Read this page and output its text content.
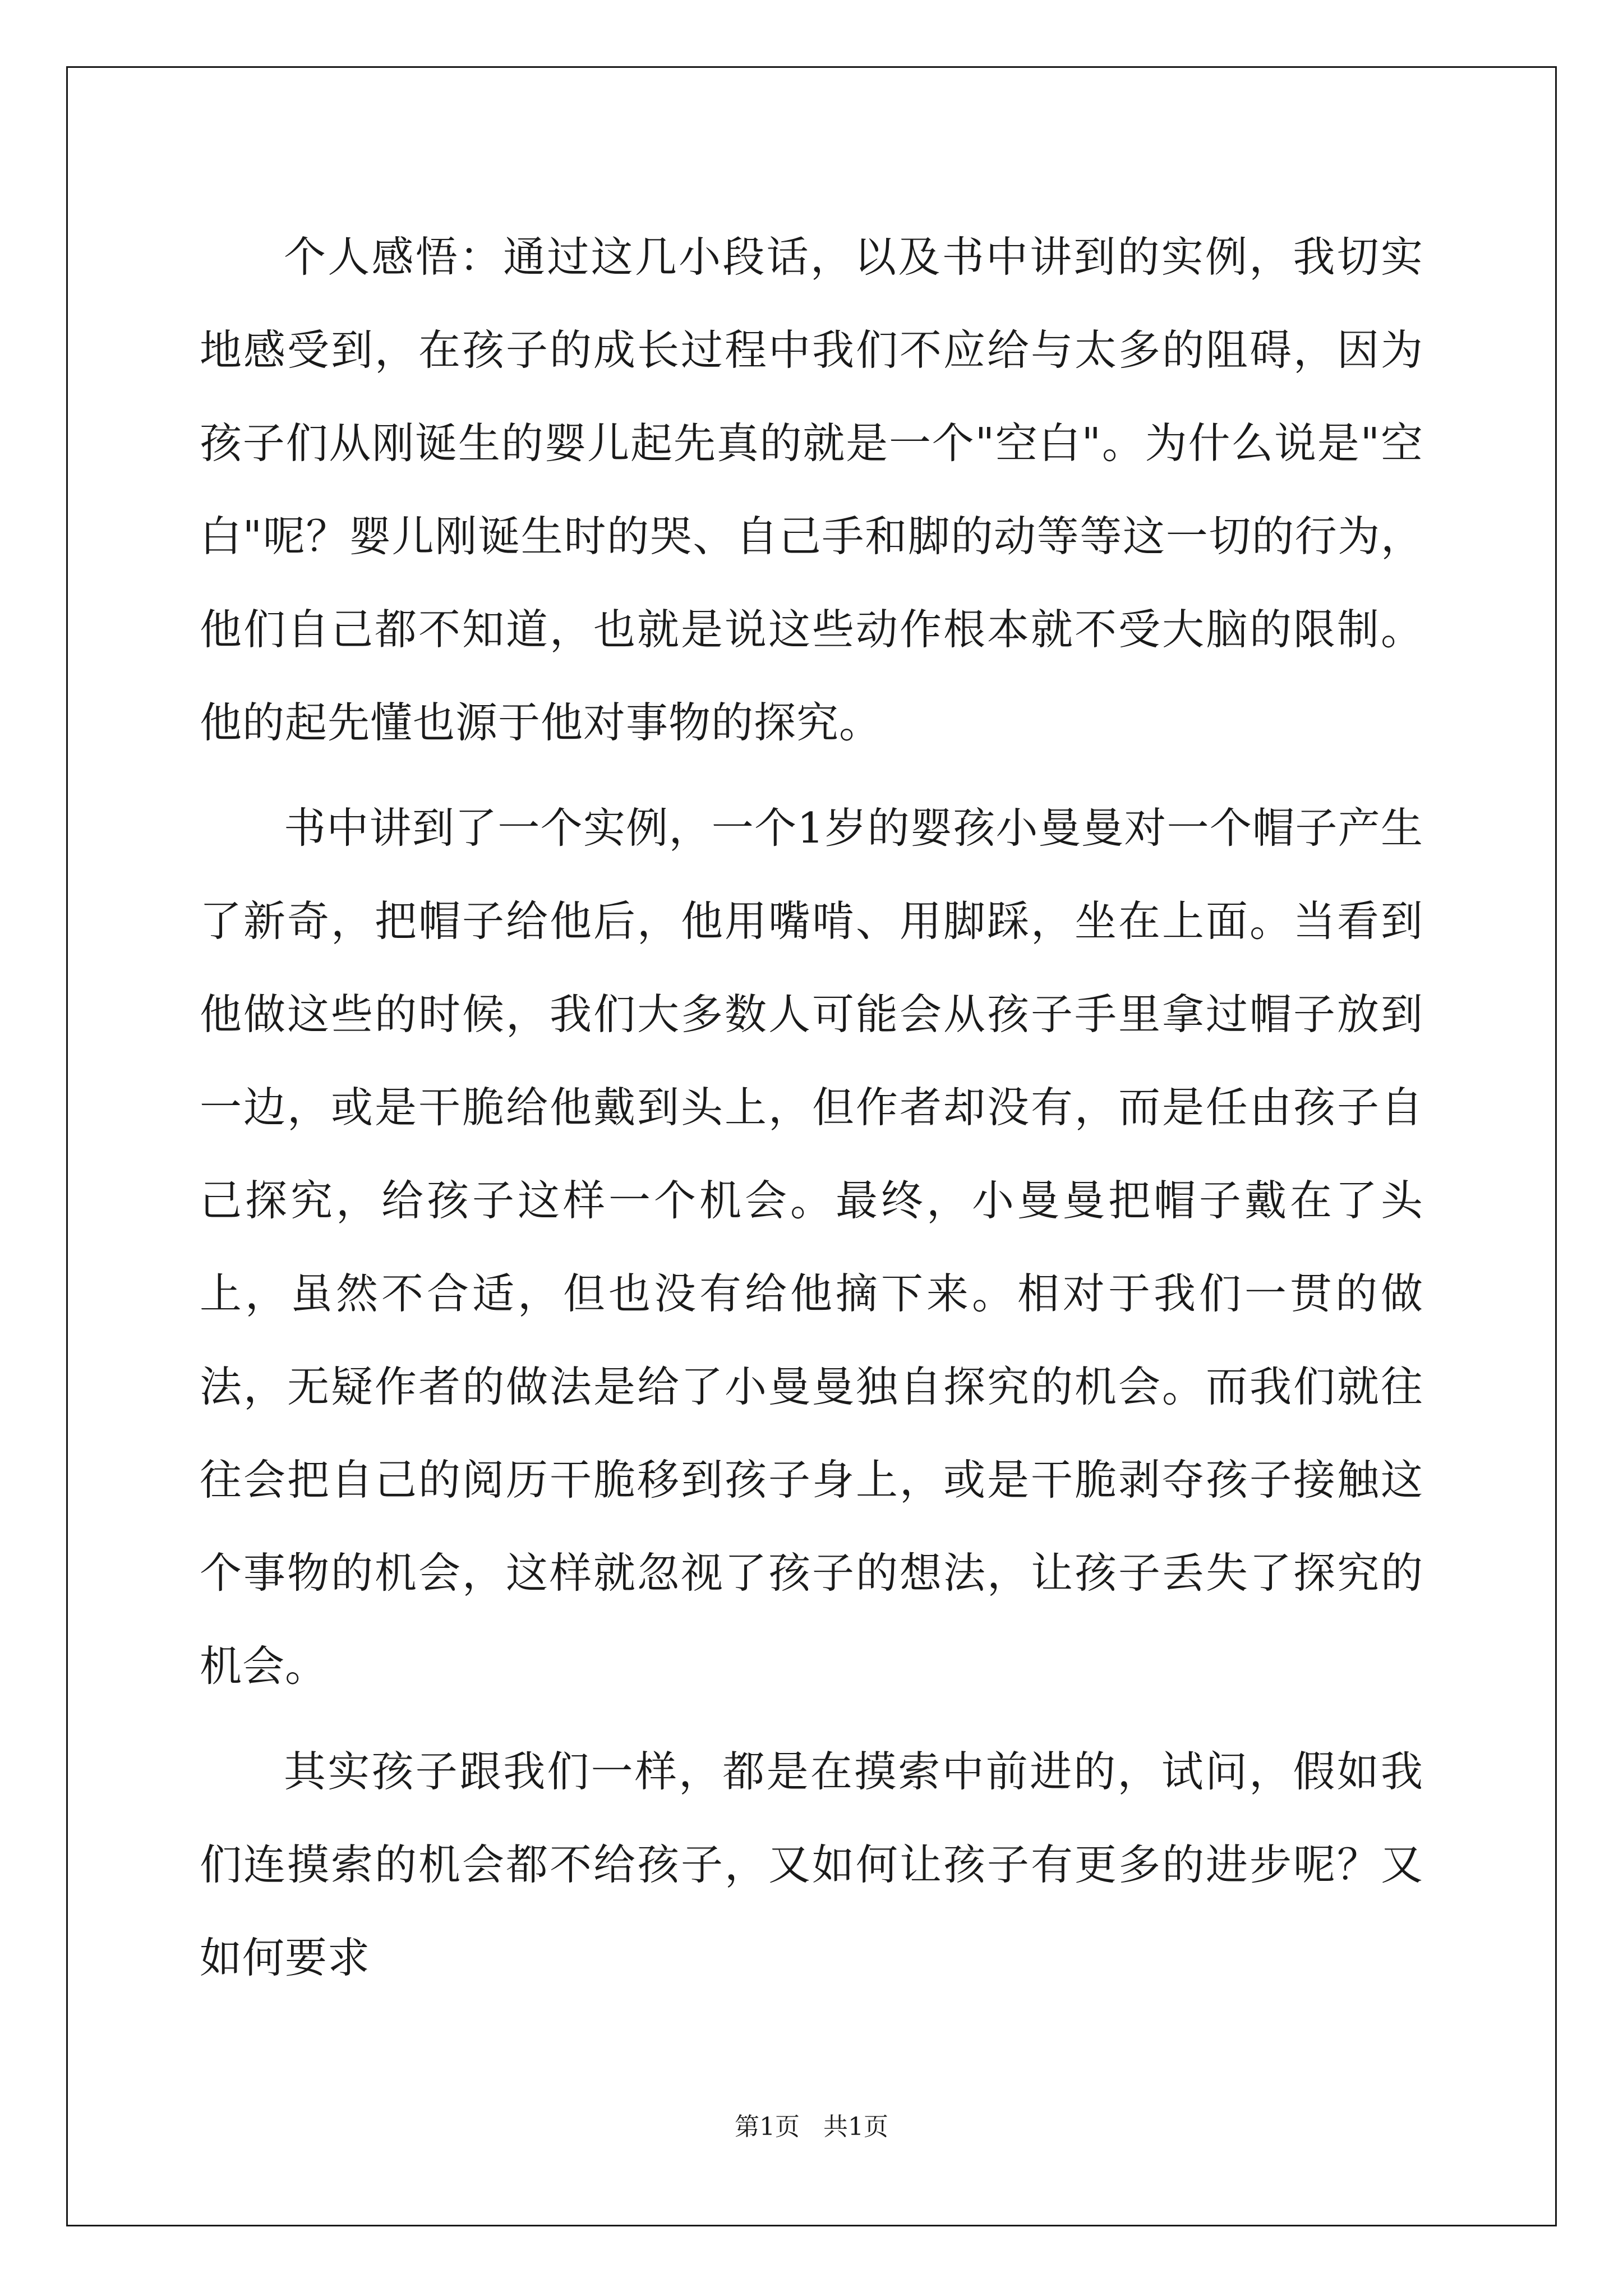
个人感悟：通过这几小段话，以及书中讲到的实例，我切实地感受到，在孩子的成长过程中我们不应给与太多的阻碍，因为孩子们从刚诞生的婴儿起先真的就是一个"空白"。为什么说是"空白"呢？婴儿刚诞生时的哭、自己手和脚的动等等这一切的行为，他们自己都不知道，也就是说这些动作根本就不受大脑的限制。他的起先懂也源于他对事物的探究。

书中讲到了一个实例，一个1岁的婴孩小曼曼对一个帽子产生了新奇，把帽子给他后，他用嘴啃、用脚踩，坐在上面。当看到他做这些的时候，我们大多数人可能会从孩子手里拿过帽子放到一边，或是干脆给他戴到头上，但作者却没有，而是任由孩子自己探究，给孩子这样一个机会。最终，小曼曼把帽子戴在了头上，虽然不合适，但也没有给他摘下来。相对于我们一贯的做法，无疑作者的做法是给了小曼曼独自探究的机会。而我们就往往会把自己的阅历干脆移到孩子身上，或是干脆剥夺孩子接触这个事物的机会，这样就忽视了孩子的想法，让孩子丢失了探究的机会。

其实孩子跟我们一样，都是在摸索中前进的，试问，假如我们连摸索的机会都不给孩子，又如何让孩子有更多的进步呢？又如何要求

第1页   共1页
